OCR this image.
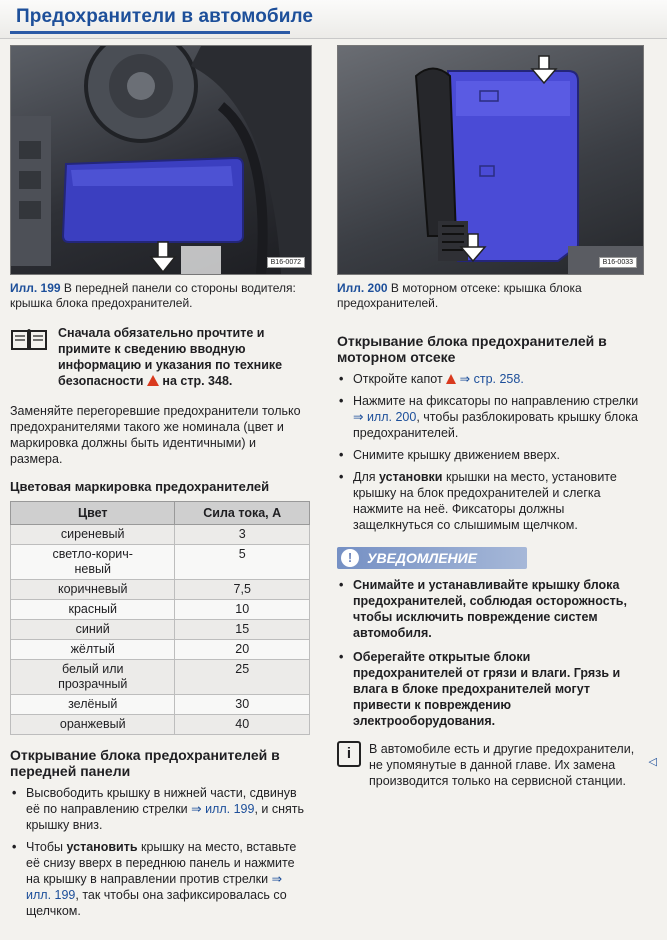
Предохранители в автомобиле
B16-0072
Илл. 199 В передней панели со стороны водителя: крышка блока предохранителей.
Сначала обязательно прочтите и примите к сведению вводную информацию и указания по технике безопасности на стр. 348.
Заменяйте перегоревшие предохранители только предохранителями такого же номинала (цвет и маркировка должны быть идентичными) и размера.
Цветовая маркировка предохранителей
Цвет	Сила тока, А
сиреневый	3
светло-корич-
невый	5
коричневый	7,5
красный	10
синий	15
жёлтый	20
белый или
прозрачный	25
зелёный	30
оранжевый	40
Открывание блока предохранителей в передней панели
• Высвободить крышку в нижней части, сдвинув её по направлению стрелки ⇒ илл. 199, и снять крышку вниз.
• Чтобы установить крышку на место, вставьте её снизу вверх в переднюю панель и нажмите на крышку в направлении против стрелки ⇒ илл. 199, так чтобы она зафиксировалась со щелчком.
B16-0033
Илл. 200 В моторном отсеке: крышка блока предохранителей.
Открывание блока предохранителей в моторном отсеке
• Откройте капот ⇒ стр. 258.
• Нажмите на фиксаторы по направлению стрелки ⇒ илл. 200, чтобы разблокировать крышку блока предохранителей.
• Снимите крышку движением вверх.
• Для установки крышки на место, установите крышку на блок предохранителей и слегка нажмите на неё. Фиксаторы должны защелкнуться со слышимым щелчком.
!	УВЕДОМЛЕНИЕ
• Снимайте и устанавливайте крышку блока предохранителей, соблюдая осторожность, чтобы исключить повреждение систем автомобиля.
• Оберегайте открытые блоки предохранителей от грязи и влаги. Грязь и влага в блоке предохранителей могут привести к повреждению электрооборудования.
i	В автомобиле есть и другие предохранители, не упомянутые в данной главе. Их замена производится только на сервисной станции.
◁
